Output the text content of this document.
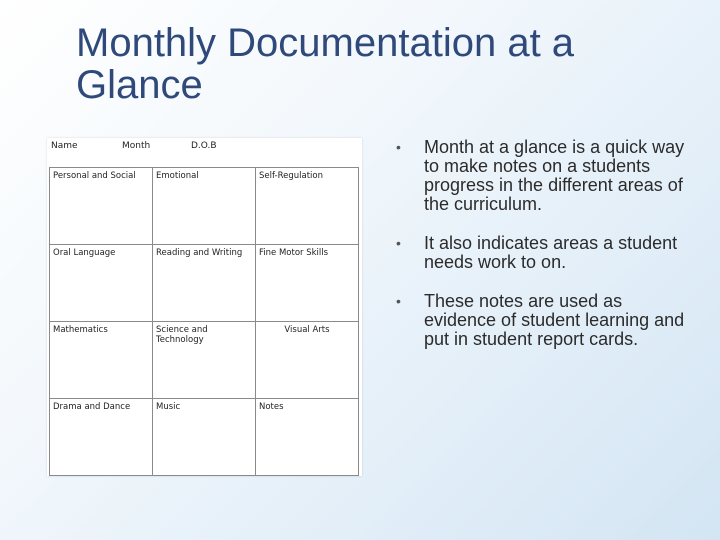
Monthly Documentation at a Glance
Name	Month	D.O.B
Personal and Social	Emotional	Self-Regulation
Oral Language	Reading and Writing	Fine Motor Skills
Mathematics	Science and Technology	Visual Arts
Drama and Dance	Music	Notes
• Month at a glance is a quick way to make notes on a students progress in the different areas of the curriculum.
• It also indicates areas a student needs work to on.
• These notes are used as evidence of student learning and put in student report cards.
